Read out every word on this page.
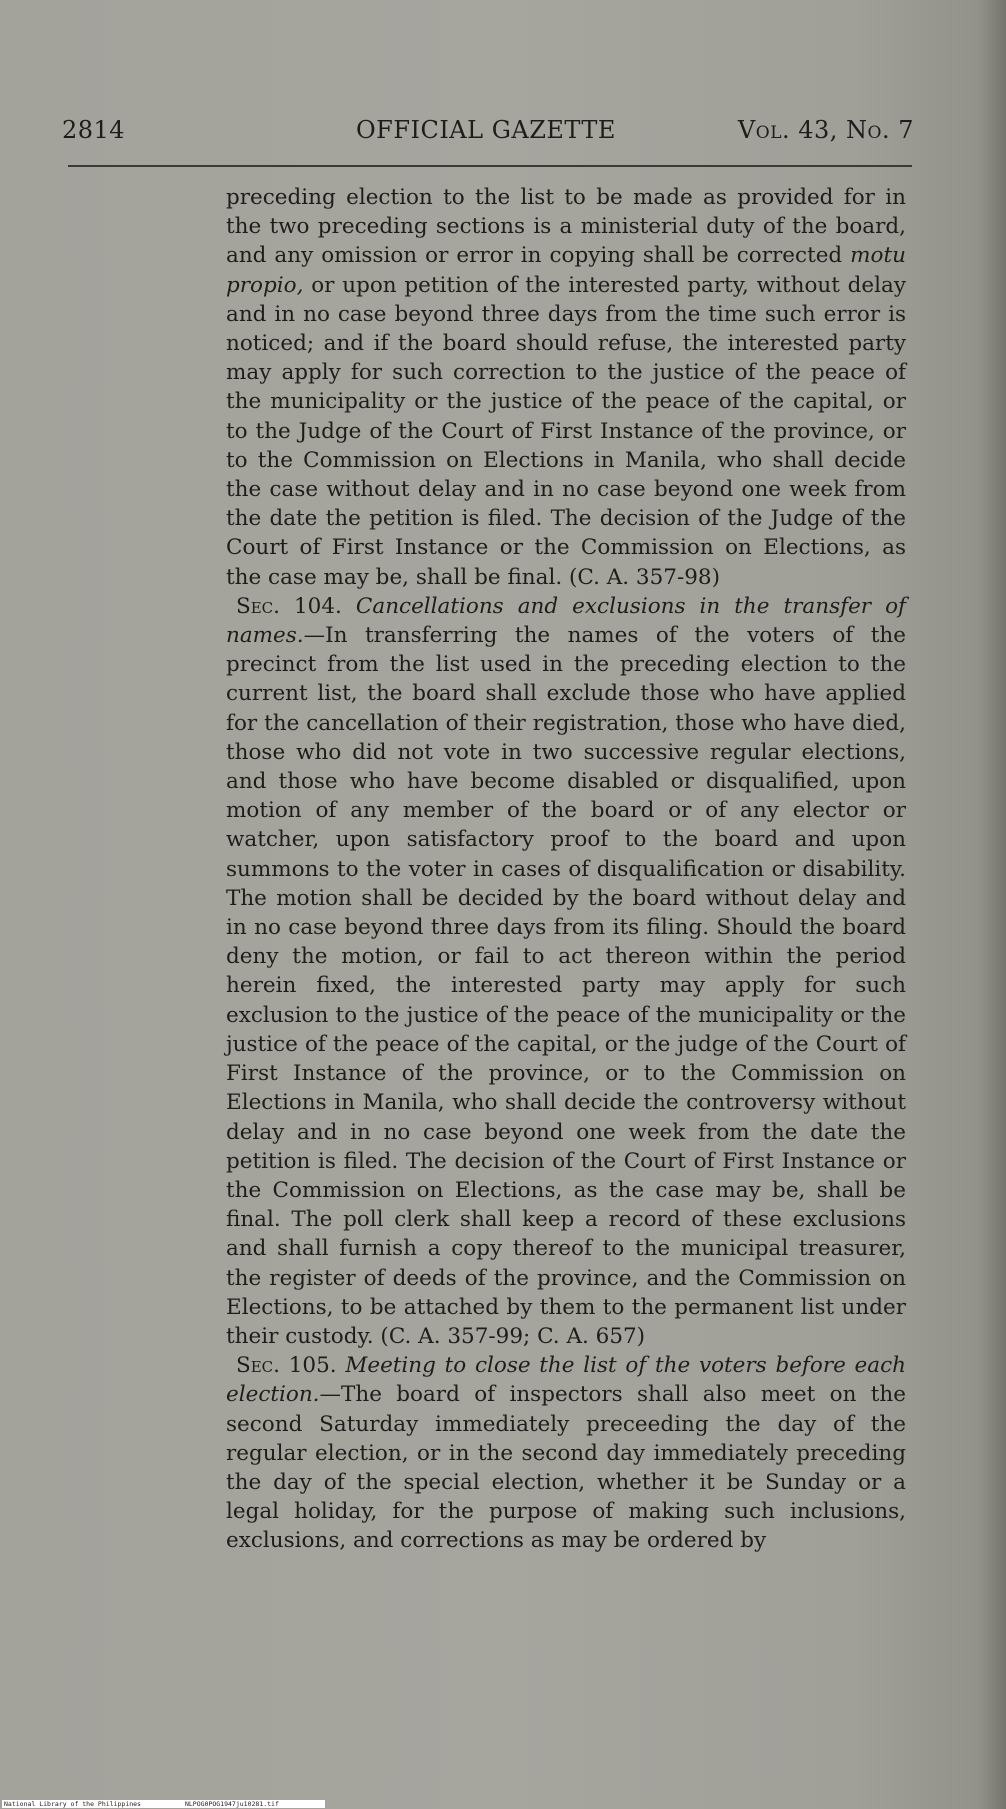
2814	OFFICIAL GAZETTE	Vol. 43, No. 7

preceding election to the list to be made as provided for in the two preceding sections is a ministerial duty of the board, and any omission or error in copying shall be corrected motu propio, or upon petition of the interested party, without delay and in no case beyond three days from the time such error is noticed; and if the board should refuse, the interested party may apply for such correction to the justice of the peace of the municipality or the justice of the peace of the capital, or to the Judge of the Court of First Instance of the province, or to the Commission on Elections in Manila, who shall decide the case without delay and in no case beyond one week from the date the petition is filed. The decision of the Judge of the Court of First Instance or the Commission on Elections, as the case may be, shall be final. (C. A. 357-98)

Sec. 104. Cancellations and exclusions in the transfer of names.—In transferring the names of the voters of the precinct from the list used in the preceding election to the current list, the board shall exclude those who have applied for the cancellation of their registration, those who have died, those who did not vote in two successive regular elections, and those who have become disabled or disqualified, upon motion of any member of the board or of any elector or watcher, upon satisfactory proof to the board and upon summons to the voter in cases of disqualification or disability. The motion shall be decided by the board without delay and in no case beyond three days from its filing. Should the board deny the motion, or fail to act thereon within the period herein fixed, the interested party may apply for such exclusion to the justice of the peace of the municipality or the justice of the peace of the capital, or the judge of the Court of First Instance of the province, or to the Commission on Elections in Manila, who shall decide the controversy without delay and in no case beyond one week from the date the petition is filed. The decision of the Court of First Instance or the Commission on Elections, as the case may be, shall be final. The poll clerk shall keep a record of these exclusions and shall furnish a copy thereof to the municipal treasurer, the register of deeds of the province, and the Commission on Elections, to be attached by them to the permanent list under their custody. (C. A. 357-99; C. A. 657)

Sec. 105. Meeting to close the list of the voters before each election.—The board of inspectors shall also meet on the second Saturday immediately preceeding the day of the regular election, or in the second day immediately preceding the day of the special election, whether it be Sunday or a legal holiday, for the purpose of making such inclusions, exclusions, and corrections as may be ordered by

National Library of the Philippines	NLPOG0POG1947ju10281.tif
